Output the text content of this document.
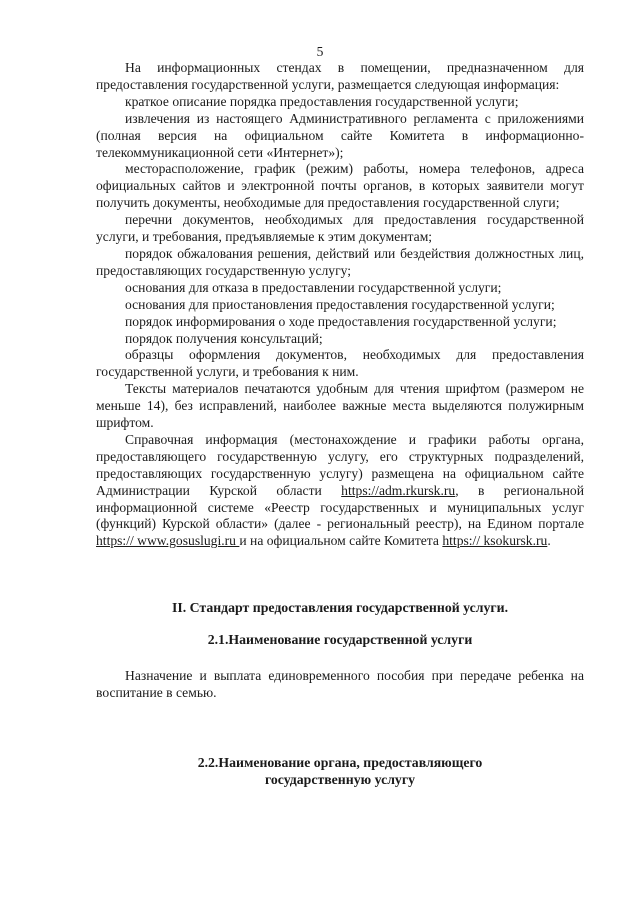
5

На информационных стендах в помещении, предназначенном для предоставления государственной услуги, размещается следующая информация:

краткое описание порядка предоставления государственной услуги;

извлечения из настоящего Административного регламента с приложениями (полная версия на официальном сайте Комитета в информационно-телекоммуникационной сети «Интернет»);

месторасположение, график (режим) работы, номера телефонов, адреса официальных сайтов и электронной почты органов, в которых заявители могут получить документы, необходимые для предоставления государственной слуги;

перечни документов, необходимых для предоставления государственной услуги, и требования, предъявляемые к этим документам;

порядок обжалования решения, действий или бездействия должностных лиц, предоставляющих государственную услугу;

основания для отказа в предоставлении государственной услуги;

основания для приостановления предоставления государственной услуги;

порядок информирования о ходе предоставления государственной услуги;

порядок получения консультаций;

образцы оформления документов, необходимых для предоставления государственной услуги, и требования к ним.

Тексты материалов печатаются удобным для чтения шрифтом (размером не меньше 14), без исправлений, наиболее важные места выделяются полужирным шрифтом.

Справочная информация (местонахождение и графики работы органа, предоставляющего государственную услугу, его структурных подразделений, предоставляющих государственную услугу) размещена на официальном сайте Администрации Курской области https://adm.rkursk.ru, в региональной информационной системе «Реестр государственных и муниципальных услуг (функций) Курской области» (далее - региональный реестр), на Едином портале https:// www.gosuslugi.ru и на официальном сайте Комитета https:// ksokursk.ru.

II. Стандарт предоставления государственной услуги.

2.1.Наименование государственной услуги

Назначение и выплата единовременного пособия при передаче ребенка на воспитание в семью.

2.2.Наименование органа, предоставляющего государственную услугу
